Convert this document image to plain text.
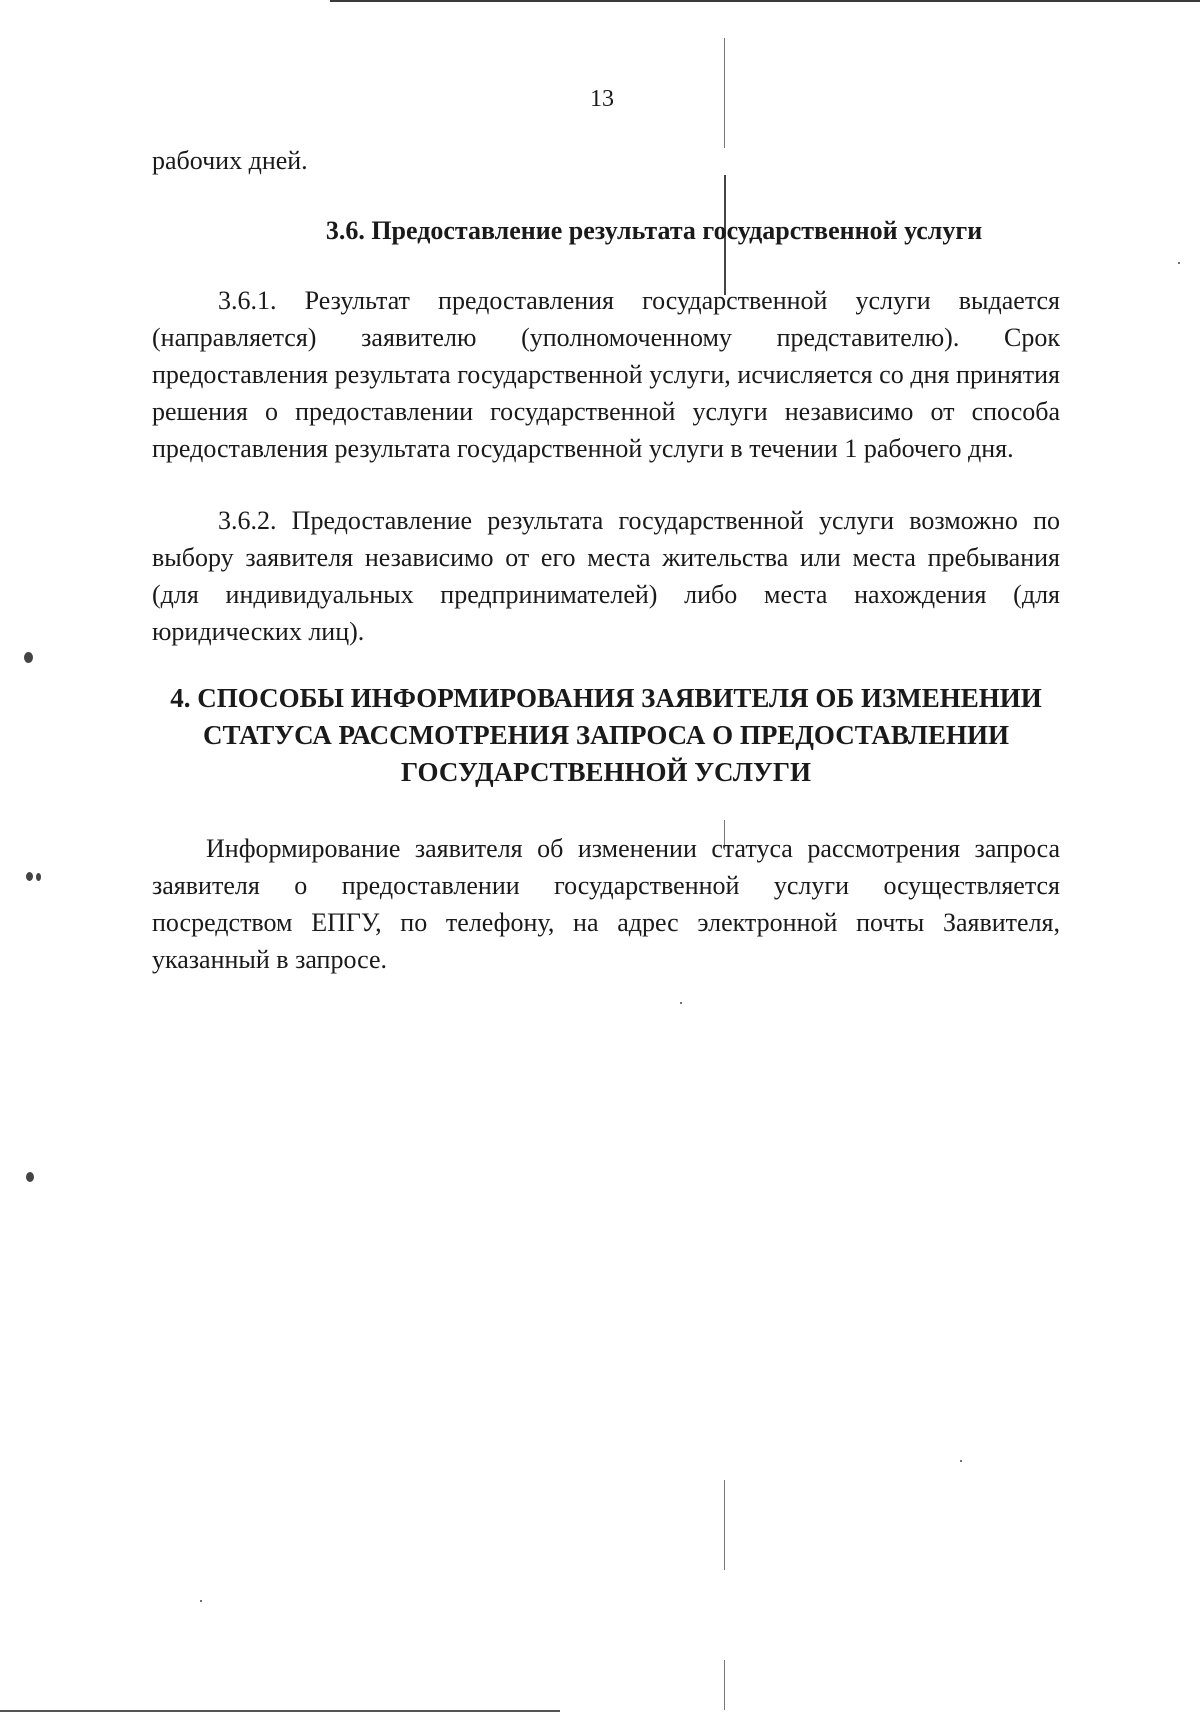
13
рабочих дней.
3.6. Предоставление результата государственной услуги
3.6.1. Результат предоставления государственной услуги выдается (направляется) заявителю (уполномоченному представителю). Срок предоставления результата государственной услуги, исчисляется со дня принятия решения о предоставлении государственной услуги независимо от способа предоставления результата государственной услуги в течении 1 рабочего дня.
3.6.2. Предоставление результата государственной услуги возможно по выбору заявителя независимо от его места жительства или места пребывания (для индивидуальных предпринимателей) либо места нахождения (для юридических лиц).
4. СПОСОБЫ ИНФОРМИРОВАНИЯ ЗАЯВИТЕЛЯ ОБ ИЗМЕНЕНИИ СТАТУСА РАССМОТРЕНИЯ ЗАПРОСА О ПРЕДОСТАВЛЕНИИ ГОСУДАРСТВЕННОЙ УСЛУГИ
Информирование заявителя об изменении статуса рассмотрения запроса заявителя о предоставлении государственной услуги осуществляется посредством ЕПГУ, по телефону, на адрес электронной почты Заявителя, указанный в запросе.
